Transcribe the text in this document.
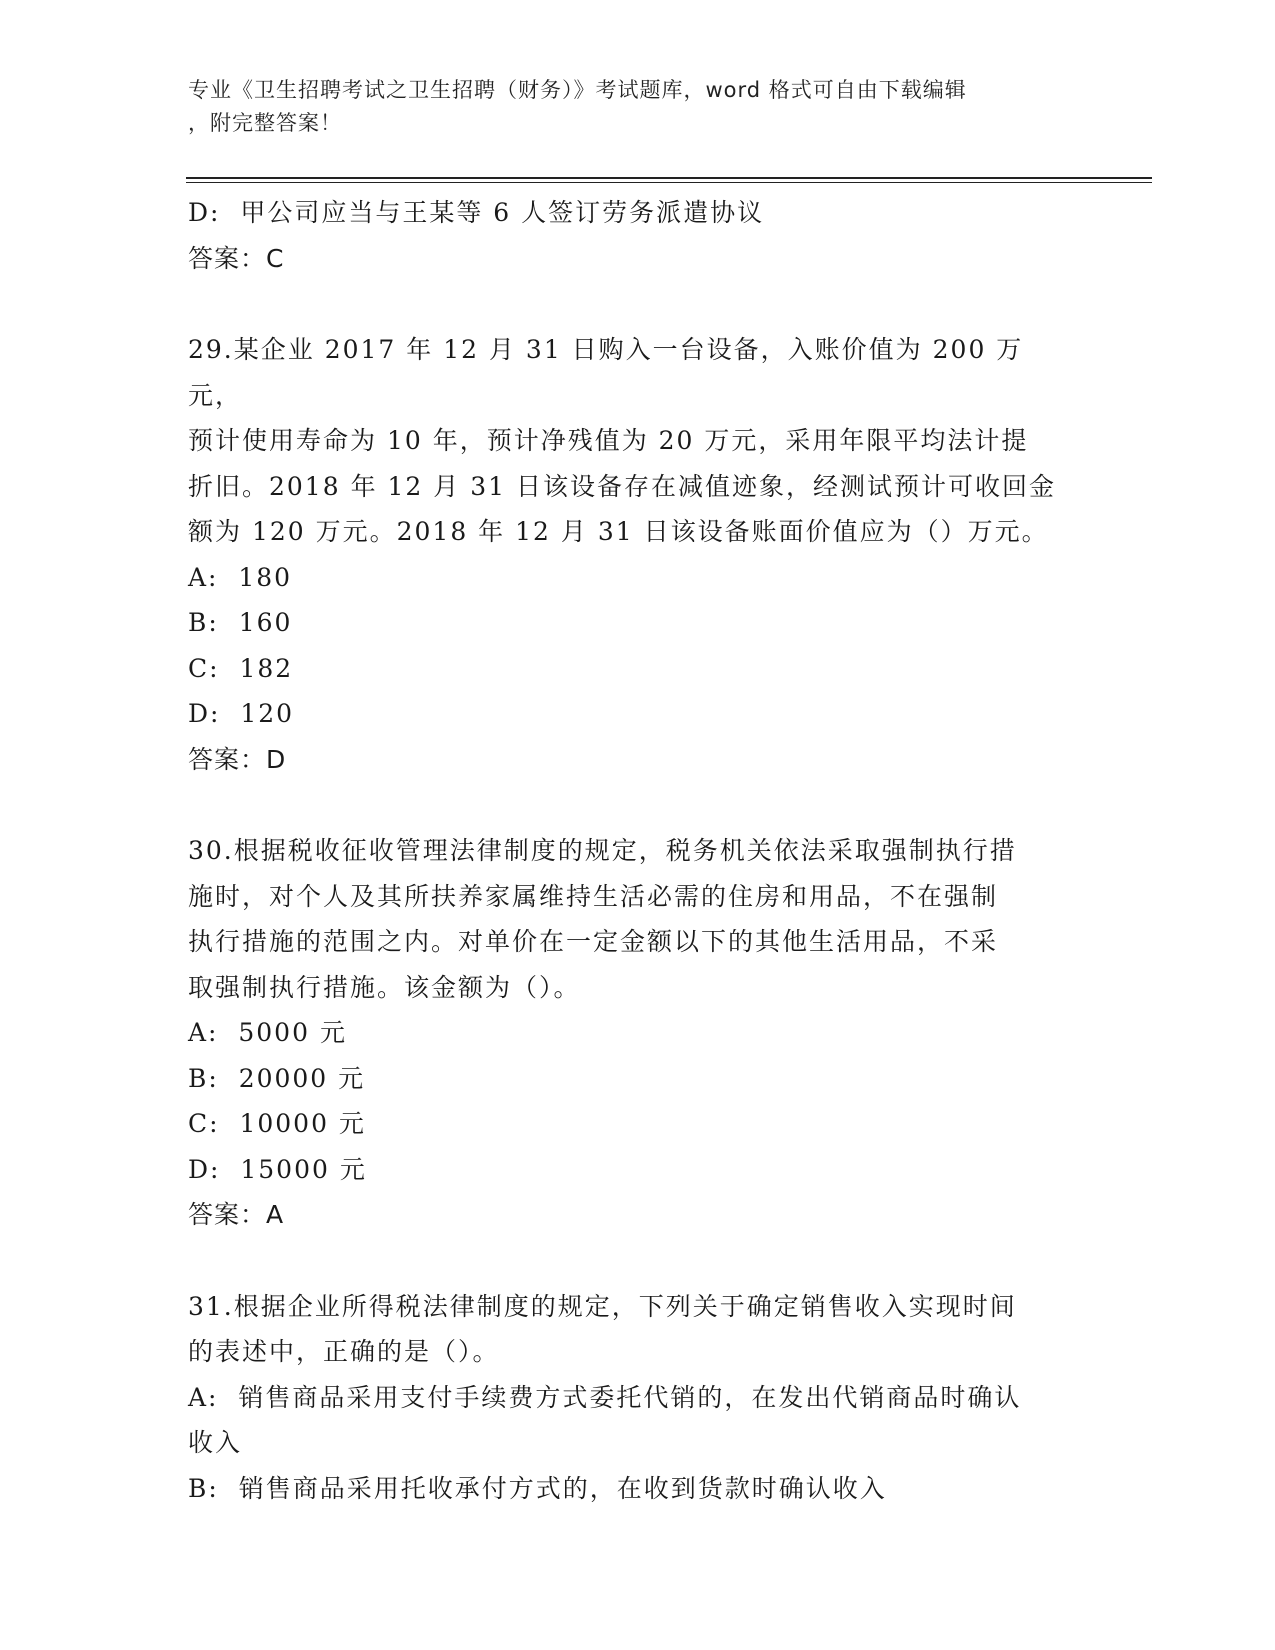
专业《卫生招聘考试之卫生招聘（财务）》考试题库，word 格式可自由下载编辑
，附完整答案！
D:  甲公司应当与王某等 6 人签订劳务派遣协议
答案：C
29.某企业 2017 年 12 月 31 日购入一台设备，入账价值为 200 万元，
预计使用寿命为 10 年，预计净残值为 20 万元，采用年限平均法计提
折旧。2018 年 12 月 31 日该设备存在减值迹象，经测试预计可收回金
额为 120 万元。2018 年 12 月 31 日该设备账面价值应为（）万元。
A:  180
B:  160
C:  182
D:  120
答案：D
30.根据税收征收管理法律制度的规定，税务机关依法采取强制执行措
施时，对个人及其所扶养家属维持生活必需的住房和用品，不在强制
执行措施的范围之内。对单价在一定金额以下的其他生活用品，不采
取强制执行措施。该金额为（）。
A:  5000 元
B:  20000 元
C:  10000 元
D:  15000 元
答案：A
31.根据企业所得税法律制度的规定，下列关于确定销售收入实现时间
的表述中，正确的是（）。
A:  销售商品采用支付手续费方式委托代销的，在发出代销商品时确认
收入
B:  销售商品采用托收承付方式的，在收到货款时确认收入
